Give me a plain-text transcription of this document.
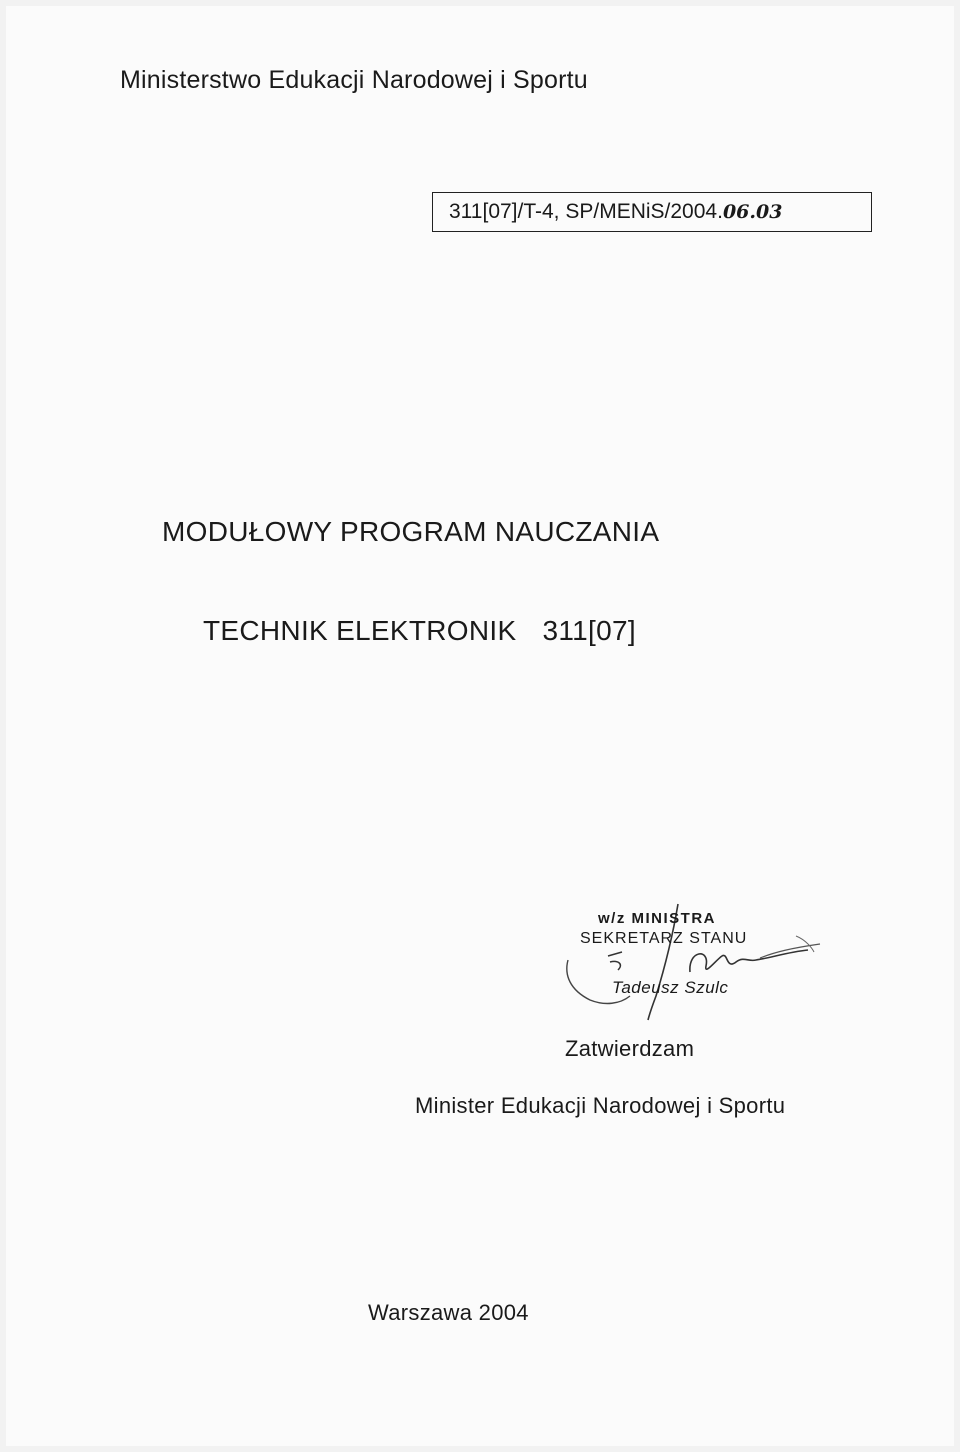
Ministerstwo Edukacji Narodowej i Sportu
311[07]/T-4, SP/MENiS/2004.06.03
MODUŁOWY PROGRAM NAUCZANIA
TECHNIK ELEKTRONIK 311[07]
w/z MINISTRA
SEKRETARZ STANU
Tadeusz Szulc
Zatwierdzam
Minister Edukacji Narodowej i Sportu
Warszawa 2004
